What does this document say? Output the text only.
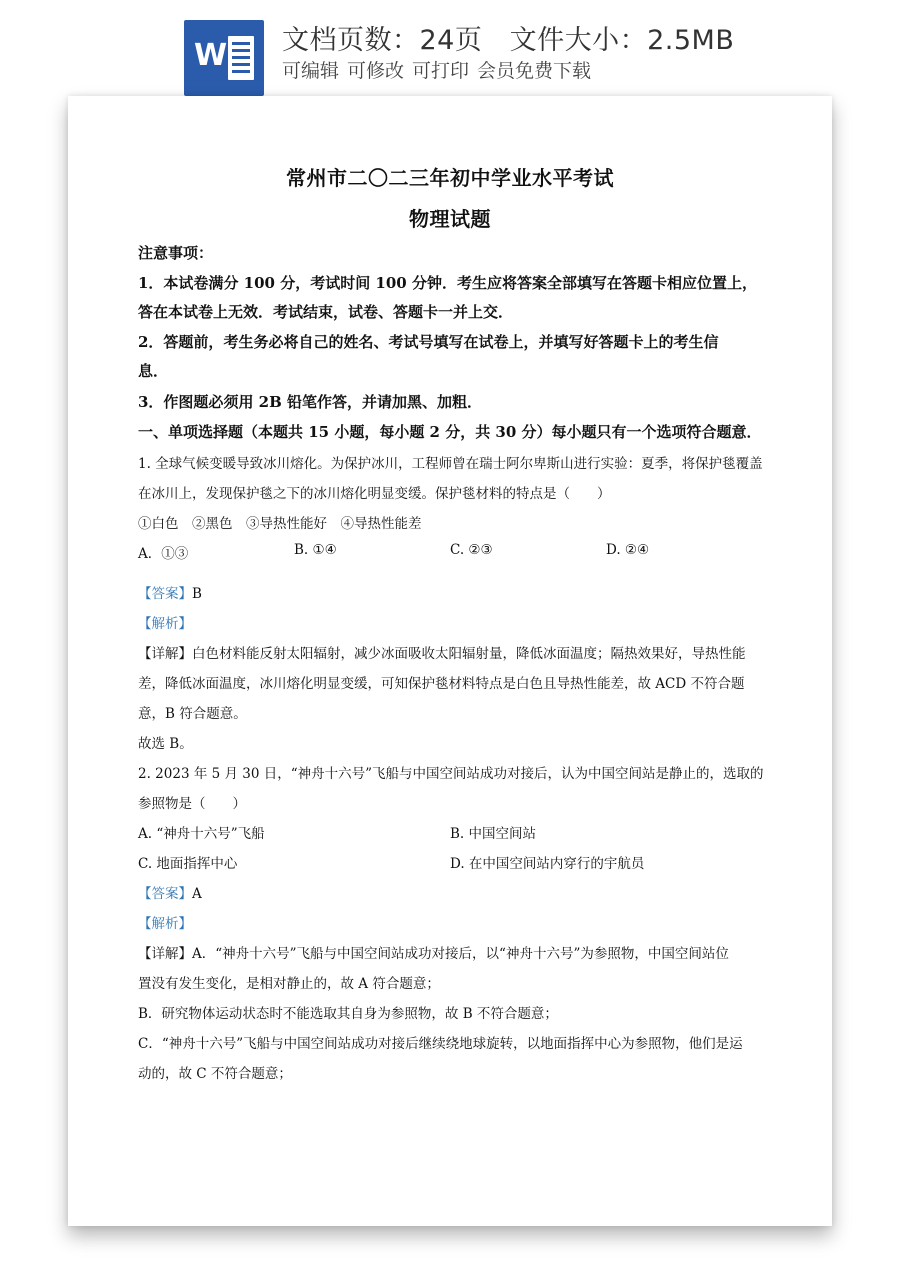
W 文档页数：24页 文件大小：2.5MB
可编辑 可修改 可打印 会员免费下载
常州市二〇二三年初中学业水平考试
物理试题
注意事项：
1．本试卷满分 100 分，考试时间 100 分钟．考生应将答案全部填写在答题卡相应位置上，
答在本试卷上无效．考试结束，试卷、答题卡一并上交．
2．答题前，考生务必将自己的姓名、考试号填写在试卷上，并填写好答题卡上的考生信
息．
3．作图题必须用 2B 铅笔作答，并请加黑、加粗．
一、单项选择题（本题共 15 小题，每小题 2 分，共 30 分）每小题只有一个选项符合题意．
1. 全球气候变暖导致冰川熔化。为保护冰川，工程师曾在瑞士阿尔卑斯山进行实验：夏季，将保护毯覆盖
在冰川上，发现保护毯之下的冰川熔化明显变缓。保护毯材料的特点是（　　）
①白色　②黑色　③导热性能好　④导热性能差
A．①③	B. ①④	C. ②③	D. ②④
【答案】B
【解析】
【详解】白色材料能反射太阳辐射，减少冰面吸收太阳辐射量，降低冰面温度；隔热效果好，导热性能
差，降低冰面温度，冰川熔化明显变缓，可知保护毯材料特点是白色且导热性能差，故 ACD 不符合题
意，B 符合题意。
故选 B。
2. 2023 年 5 月 30 日，“神舟十六号”飞船与中国空间站成功对接后，认为中国空间站是静止的，选取的
参照物是（　　）
A. “神舟十六号”飞船	B. 中国空间站
C. 地面指挥中心	D. 在中国空间站内穿行的宇航员
【答案】A
【解析】
【详解】A．“神舟十六号”飞船与中国空间站成功对接后，以“神舟十六号”为参照物，中国空间站位
置没有发生变化，是相对静止的，故 A 符合题意；
B．研究物体运动状态时不能选取其自身为参照物，故 B 不符合题意；
C．“神舟十六号”飞船与中国空间站成功对接后继续绕地球旋转，以地面指挥中心为参照物，他们是运
动的，故 C 不符合题意；
